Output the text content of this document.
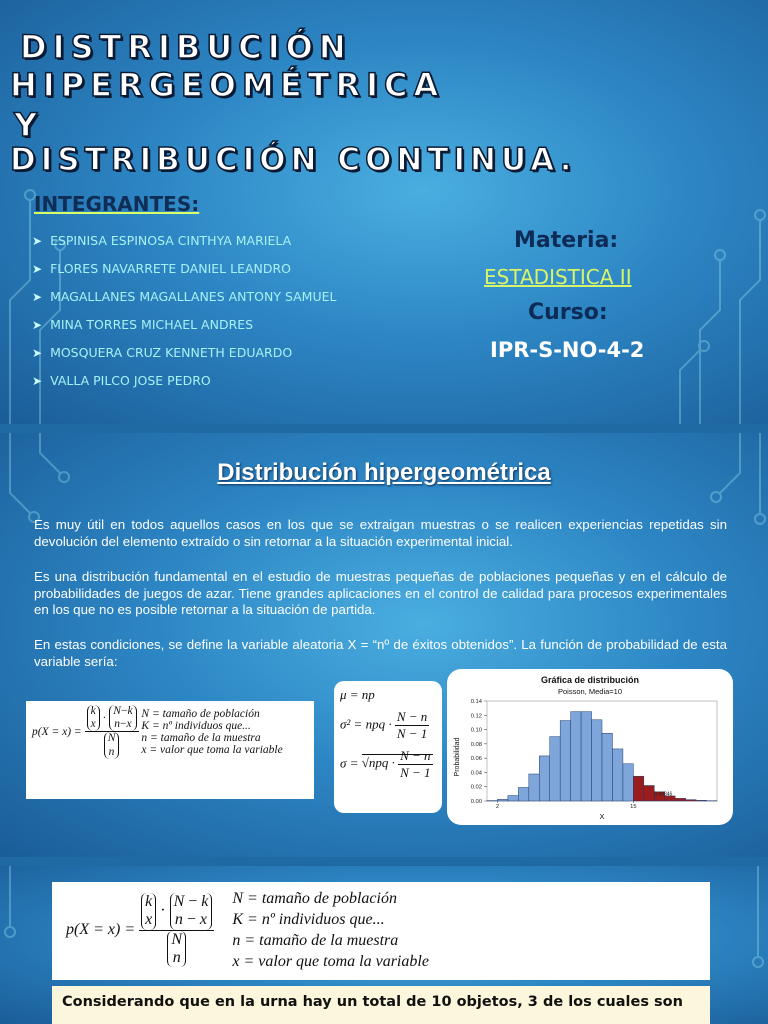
DISTRIBUCIÓN
HIPERGEOMÉTRICA
Y
DISTRIBUCIÓN CONTINUA.
INTEGRANTES:
➤ ESPINISA ESPINOSA CINTHYA MARIELA
➤ FLORES NAVARRETE DANIEL LEANDRO
➤ MAGALLANES MAGALLANES ANTONY SAMUEL
➤ MINA TORRES MICHAEL ANDRES
➤ MOSQUERA CRUZ KENNETH EDUARDO
➤ VALLA PILCO JOSE PEDRO
Materia:
ESTADISTICA II
Curso:
IPR-S-NO-4-2
Distribución hipergeométrica

Es muy útil en todos aquellos casos en los que se extraigan muestras o se realicen experiencias repetidas sin devolución del elemento extraído o sin retornar a la situación experimental inicial.

Es una distribución fundamental en el estudio de muestras pequeñas de poblaciones pequeñas y en el cálculo de probabilidades de juegos de azar. Tiene grandes aplicaciones en el control de calidad para procesos experimentales en los que no es posible retornar a la situación de partida.

En estas condiciones, se define la variable aleatoria X = “nº de éxitos obtenidos”. La función de probabilidad de esta variable sería:

p(X = x) =
k
x · N−k
n−x
N
n

N = tamaño de población
K = nº individuos que...
n = tamaño de la muestra
x = valor que toma la variable
μ = np
σ² = npq · $\frac{N - n}{N - 1}$
$\sigma = √npq \cdot \frac{N - n}{N - 1}$
Gráfica de distribución
Poisson, Media=10
Probabilidad
X
0.00
0.02
0.04
0.06
0.08
0.10
0.12
0.14
2	15
0.08346
p(X = x) =
k
x · N − k
n − x
N
n

N = tamaño de población
K = nº individuos que...
n = tamaño de la muestra
x = valor que toma la variable
Considerando que en la urna hay un total de 10 objetos, 3 de los cuales son
